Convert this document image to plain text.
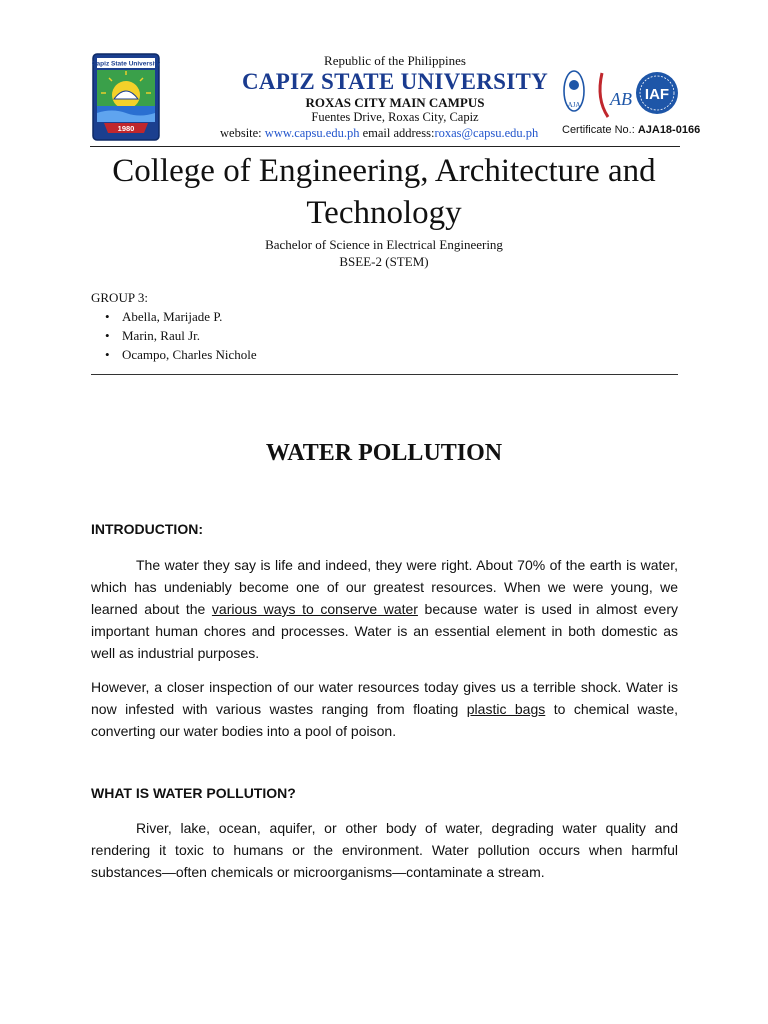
Capiz State University
1980
Republic of the Philippines
CAPIZ STATE UNIVERSITY
ROXAS CITY MAIN CAMPUS
Fuentes Drive, Roxas City, Capiz
website: www.capsu.edu.ph email address:roxas@capsu.edu.ph
AJA AB IAF
Certificate No.: AJA18-0166
College of Engineering, Architecture and Technology
Bachelor of Science in Electrical Engineering
BSEE-2 (STEM)
GROUP 3:
• Abella, Marijade P.
• Marin, Raul Jr.
• Ocampo, Charles Nichole
WATER POLLUTION
INTRODUCTION:
The water they say is life and indeed, they were right. About 70% of the earth is water, which has undeniably become one of our greatest resources. When we were young, we learned about the various ways to conserve water because water is used in almost every important human chores and processes. Water is an essential element in both domestic as well as industrial purposes.
However, a closer inspection of our water resources today gives us a terrible shock. Water is now infested with various wastes ranging from floating plastic bags to chemical waste, converting our water bodies into a pool of poison.
WHAT IS WATER POLLUTION?
River, lake, ocean, aquifer, or other body of water, degrading water quality and rendering it toxic to humans or the environment. Water pollution occurs when harmful substances—often chemicals or microorganisms—contaminate a stream.
